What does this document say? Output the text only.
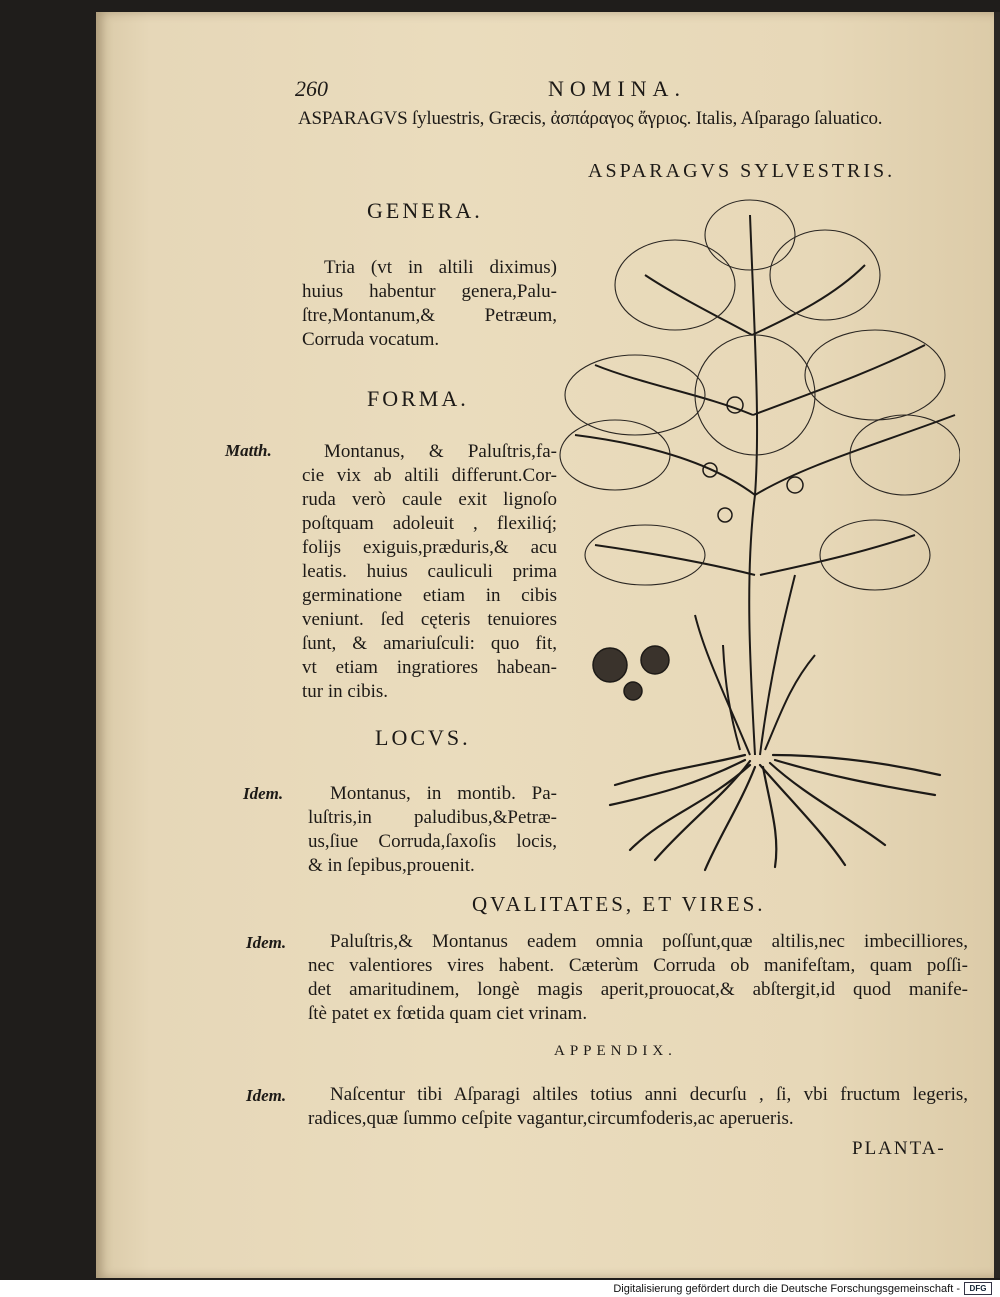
260	NOMINA.
ASPARAGVS ſyluestris, Græcis, ἀσπάραγος ἄγριος. Italis, Aſparago ſaluatico.
ASPARAGVS SYLVESTRIS.
GENERA.
Tria (vt in altili diximus)
huius habentur genera,Palu-
ſtre,Montanum,& Petræum,
Corruda vocatum.
FORMA.
Matth.	Montanus, & Paluſtris,fa-
cie vix ab altili differunt.Cor-
ruda verò caule exit lignoſo
poſtquam adoleuit , flexiliq́;
folijs exiguis,præduris,& acu
leatis. huius cauliculi prima
germinatione etiam in cibis
veniunt. ſed cęteris tenuiores
ſunt, & amariuſculi: quo fit,
vt etiam ingratiores habean-
tur in cibis.
LOCVS.
Idem.	Montanus, in montib. Pa-
luſtris,in paludibus,&Petræ-
us,ſiue Corruda,ſaxoſis locis,
& in ſepibus,prouenit.
QVALITATES, ET VIRES.
Idem.	Paluſtris,& Montanus eadem omnia poſſunt,quæ altilis,nec imbecilliores,
nec valentiores vires habent. Cæterùm Corruda ob manifeſtam, quam poſſi-
det amaritudinem, longè magis aperit,prouocat,& abſtergit,id quod manife-
ſtè patet ex fœtida quam ciet vrinam.
APPENDIX.
Idem.	Naſcentur tibi Aſparagi altiles totius anni decurſu , ſi, vbi fructum legeris,
radices,quæ ſummo ceſpite vagantur,circumfoderis,ac aperueris.
PLANTA-
Digitalisierung gefördert durch die Deutsche Forschungsgemeinschaft -	DFG
